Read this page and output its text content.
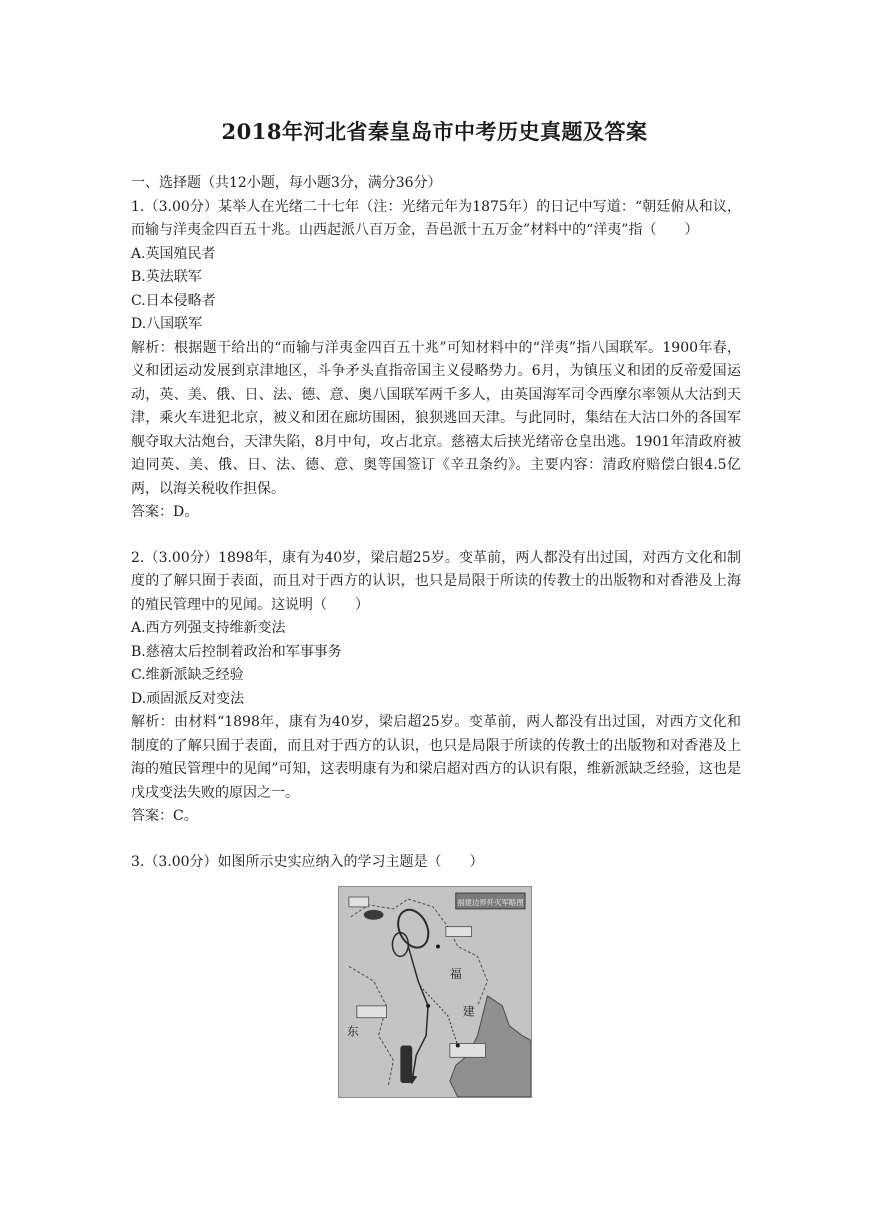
2018年河北省秦皇岛市中考历史真题及答案

一、选择题（共12小题，每小题3分，满分36分）

1.（3.00分）某举人在光绪二十七年（注：光绪元年为1875年）的日记中写道：“朝廷俯从和议，而输与洋夷金四百五十兆。山西起派八百万金，吾邑派十五万金”材料中的“洋夷”指（　　）

A.英国殖民者

B.英法联军

C.日本侵略者

D.八国联军

解析：根据题干给出的“而输与洋夷金四百五十兆”可知材料中的“洋夷”指八国联军。1900年春，义和团运动发展到京津地区，斗争矛头直指帝国主义侵略势力。6月，为镇压义和团的反帝爱国运动，英、美、俄、日、法、德、意、奥八国联军两千多人，由英国海军司令西摩尔率领从大沽到天津，乘火车进犯北京，被义和团在廊坊围困，狼狈逃回天津。与此同时，集结在大沽口外的各国军舰夺取大沽炮台，天津失陷，8月中旬，攻占北京。慈禧太后挟光绪帝仓皇出逃。1901年清政府被迫同英、美、俄、日、法、德、意、奥等国签订《辛丑条约》。主要内容：清政府赔偿白银4.5亿两，以海关税收作担保。

答案：D。

2.（3.00分）1898年，康有为40岁，梁启超25岁。变革前，两人都没有出过国，对西方文化和制度的了解只囿于表面，而且对于西方的认识，也只是局限于所读的传教士的出版物和对香港及上海的殖民管理中的见闻。这说明（　　）

A.西方列强支持维新变法

B.慈禧太后控制着政治和军事事务

C.维新派缺乏经验

D.顽固派反对变法

解析：由材料“1898年，康有为40岁，梁启超25岁。变革前，两人都没有出过国，对西方文化和制度的了解只囿于表面，而且对于西方的认识，也只是局限于所读的传教士的出版物和对香港及上海的殖民管理中的见闻”可知，这表明康有为和梁启超对西方的认识有限，维新派缺乏经验，这也是戊戌变法失败的原因之一。

答案：C。

3.（3.00分）如图所示史实应纳入的学习主题是（　　）

福建边界歼灭军略图
福
建
东
